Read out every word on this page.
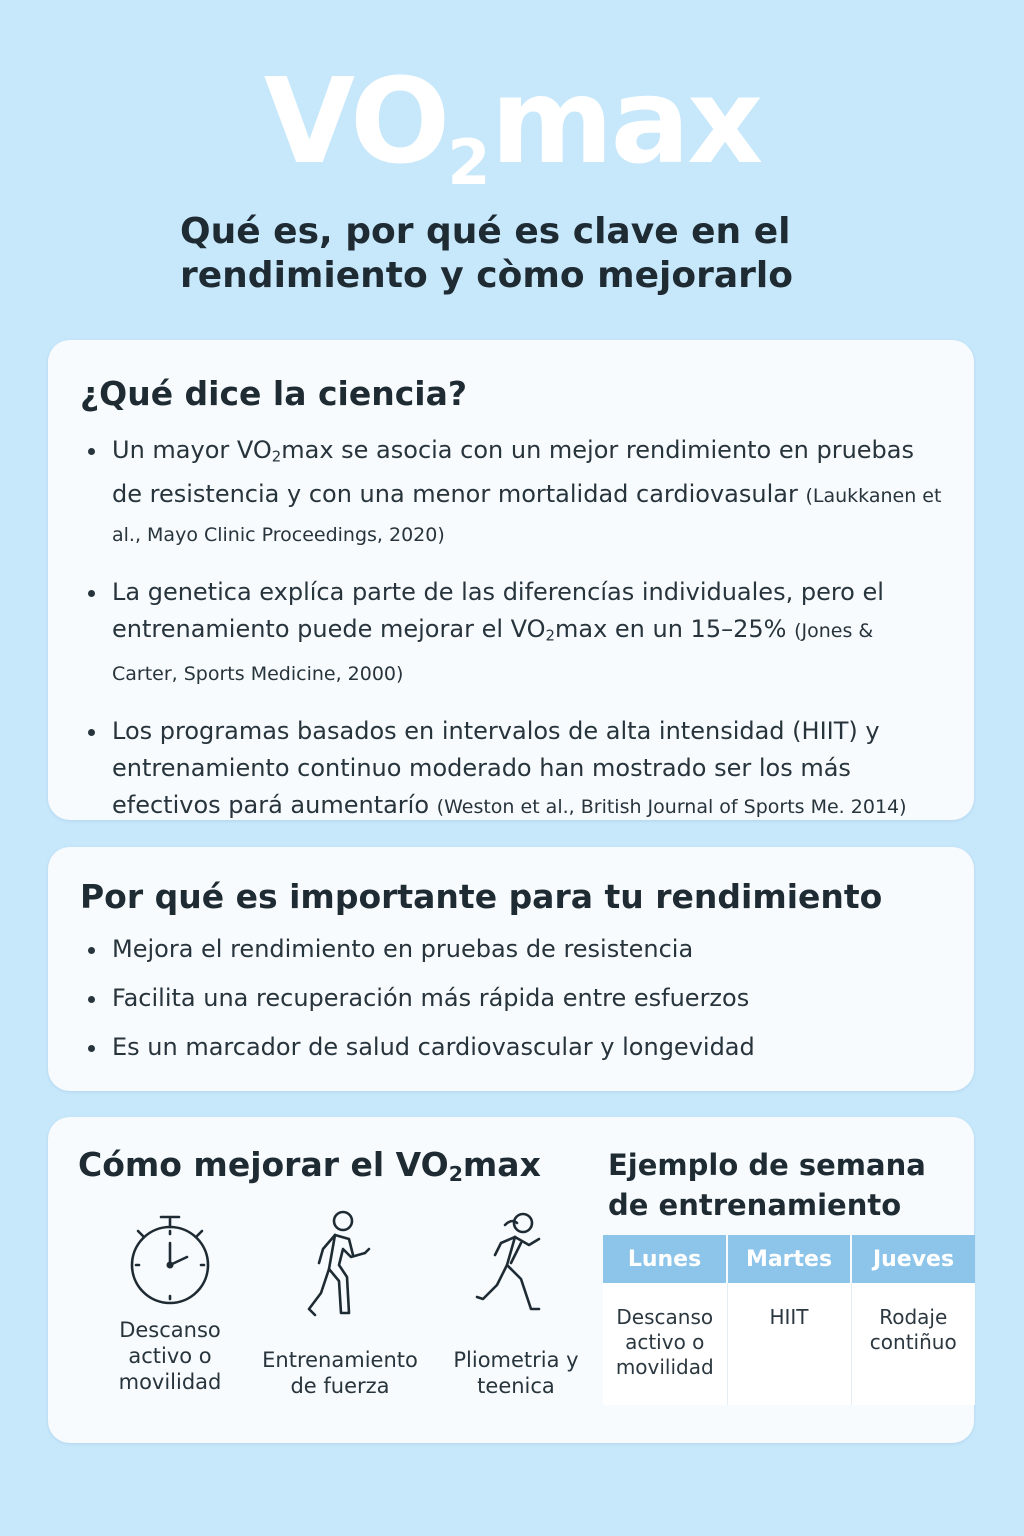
$VO_2\max$
Qué es, por qué es clave en el rendimiento y còmo mejorarlo
¿Qué dice la ciencia?
Un mayor $VO_2\max$ se asocia con un mejor rendimiento en pruebas de resistencia y con una menor mortalidad cardiovasular (Laukkanen et al., Mayo Clinic Proceedings, 2020)
La genetica explíca parte de las diferencías individuales, pero el entrenamiento puede mejorar el $VO_2\max$ en un 15–25% (Jones & Carter, Sports Medicine, 2000)
Los programas basados en intervalos de alta intensidad (HIIT) y entrenamiento continuo moderado han mostrado ser los más efectivos pará aumentarío (Weston et al., British Journal of Sports Me. 2014)
Por qué es importante para tu rendimiento
Mejora el rendimiento en pruebas de resistencia
Facilita una recuperación más rápida entre esfuerzos
Es un marcador de salud cardiovascular y longevidad
Cómo mejorar el $VO_2\max$
Descanso activo o movilidad
Entrenamiento de fuerza
Pliometria y teenica
Ejemplo de semana de entrenamiento
Lunes	Martes	Jueves
Descanso activo o movilidad	HIIT	Rodaje contiñuo
